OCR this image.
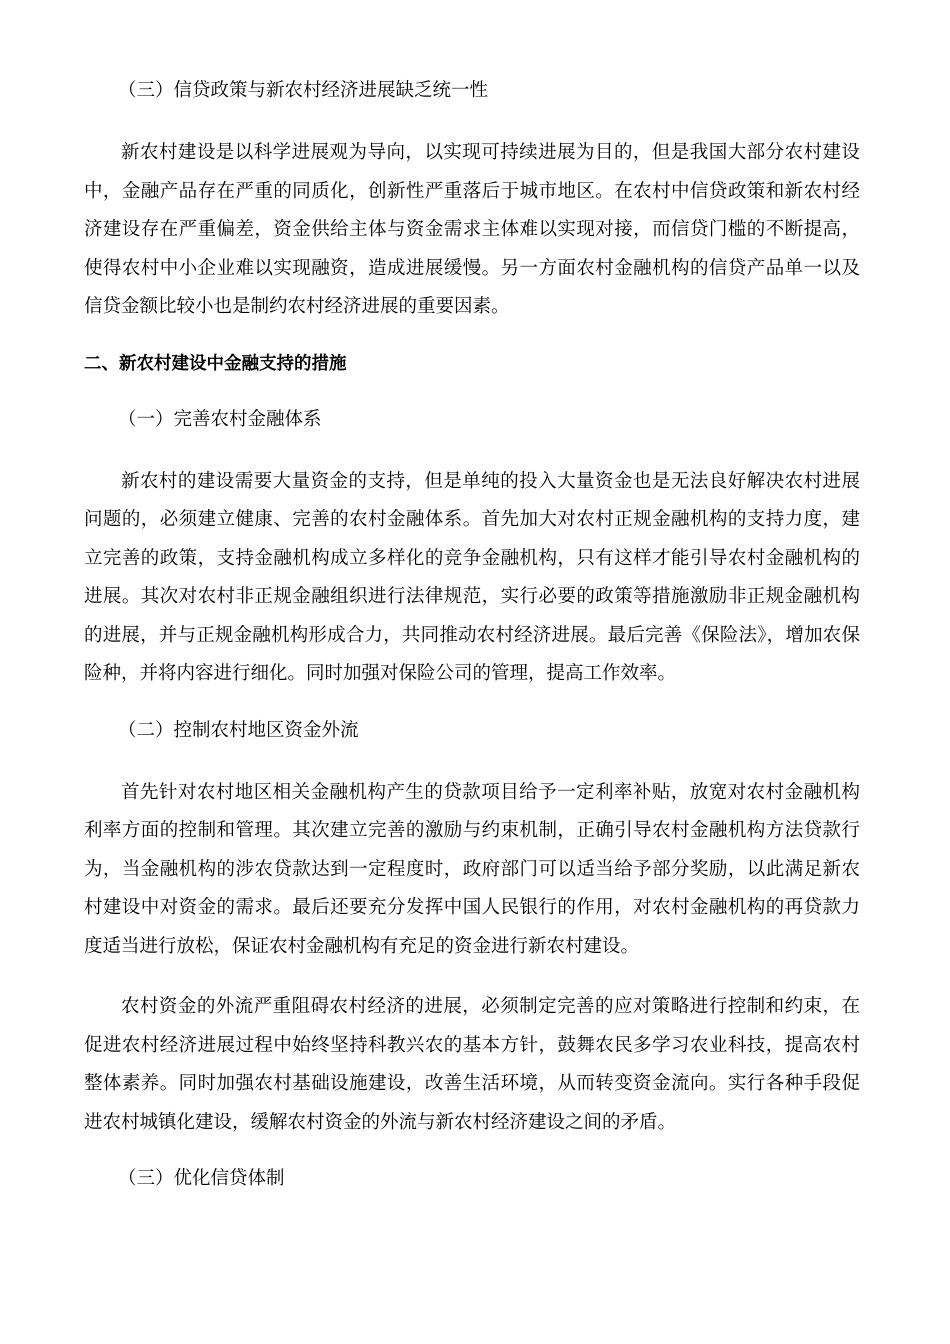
（三）信贷政策与新农村经济进展缺乏统一性

新农村建设是以科学进展观为导向，以实现可持续进展为目的，但是我国大部分农村建设中，金融产品存在严重的同质化，创新性严重落后于城市地区。在农村中信贷政策和新农村经济建设存在严重偏差，资金供给主体与资金需求主体难以实现对接，而信贷门槛的不断提高，使得农村中小企业难以实现融资，造成进展缓慢。另一方面农村金融机构的信贷产品单一以及信贷金额比较小也是制约农村经济进展的重要因素。

二、新农村建设中金融支持的措施
（一）完善农村金融体系

新农村的建设需要大量资金的支持，但是单纯的投入大量资金也是无法良好解决农村进展问题的，必须建立健康、完善的农村金融体系。首先加大对农村正规金融机构的支持力度，建立完善的政策，支持金融机构成立多样化的竞争金融机构，只有这样才能引导农村金融机构的进展。其次对农村非正规金融组织进行法律规范，实行必要的政策等措施激励非正规金融机构的进展，并与正规金融机构形成合力，共同推动农村经济进展。最后完善《保险法》，增加农保险种，并将内容进行细化。同时加强对保险公司的管理，提高工作效率。

（二）控制农村地区资金外流

首先针对农村地区相关金融机构产生的贷款项目给予一定利率补贴，放宽对农村金融机构利率方面的控制和管理。其次建立完善的激励与约束机制，正确引导农村金融机构方法贷款行为，当金融机构的涉农贷款达到一定程度时，政府部门可以适当给予部分奖励，以此满足新农村建设中对资金的需求。最后还要充分发挥中国人民银行的作用，对农村金融机构的再贷款力度适当进行放松，保证农村金融机构有充足的资金进行新农村建设。

农村资金的外流严重阻碍农村经济的进展，必须制定完善的应对策略进行控制和约束，在促进农村经济进展过程中始终坚持科教兴农的基本方针，鼓舞农民多学习农业科技，提高农村整体素养。同时加强农村基础设施建设，改善生活环境，从而转变资金流向。实行各种手段促进农村城镇化建设，缓解农村资金的外流与新农村经济建设之间的矛盾。

（三）优化信贷体制
